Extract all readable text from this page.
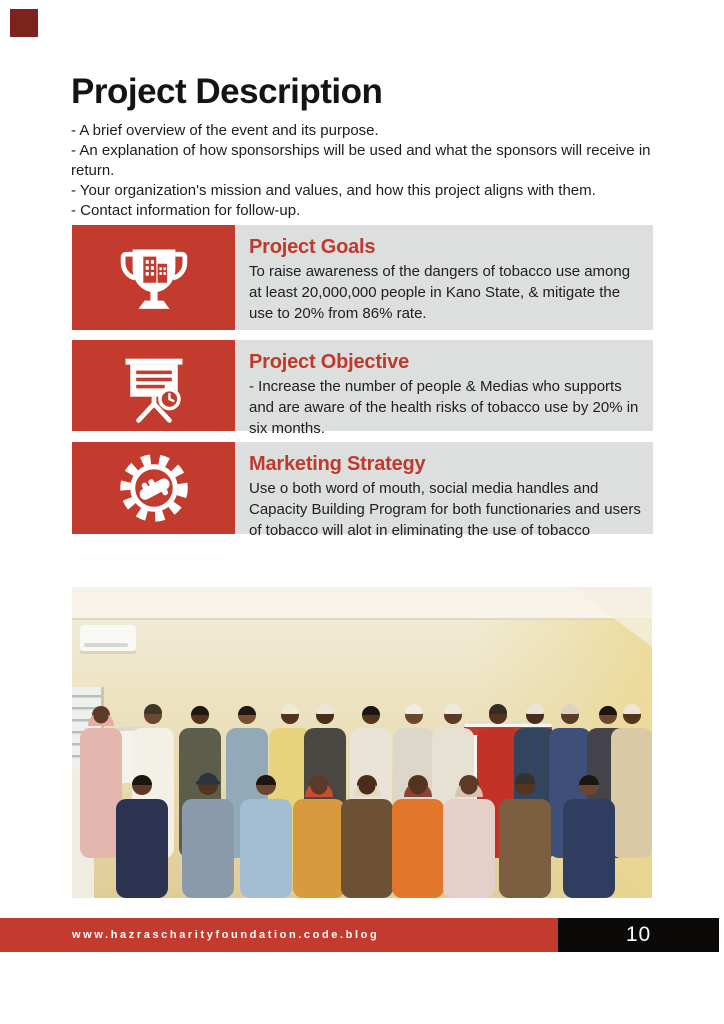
Project Description

- A brief overview of the event and its purpose.

- An explanation of how sponsorships will be used and what the sponsors will receive in return.

- Your organization's mission and values, and how this project aligns with them.

- Contact information for follow-up.

Project Goals
To raise awareness of the dangers of tobacco use among at least 20,000,000 people in Kano State, & mitigate the use to 20% from 86% rate.
Project Objective
- Increase the number of people & Medias who supports and are aware of the health risks of tobacco use by 20% in six months.
Marketing Strategy
Use o both word of mouth, social media handles and Capacity Building Program for both functionaries and users of tobacco will alot in eliminating the use of tobacco
www.hazrascharityfoundation.code.blog	10
